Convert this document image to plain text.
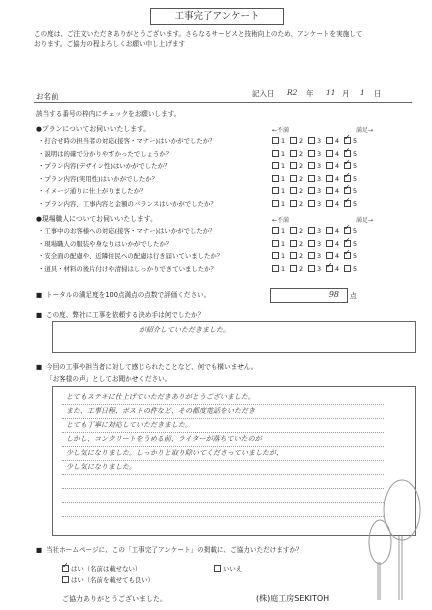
工事完了アンケート
この度は、ご注文いただきありがとうございます。さらなるサービスと技術向上のため、アンケートを実施して
おります。ご協力の程よろしくお願い申し上げます
お名前	記入日 R2 年 11 月 1 日
該当する番号の枠内にチェックをお願いします。
●プランについてお伺いいたします。	←不満	満足→
・打合せ時の担当者の対応(接客・マナー)はいかがでしたか？	1	2	3	4 ✓	5
・説明は的確で分かりやすかったでしょうか？	1	2	3	4 ✓	5
・プラン内容(デザイン性)はいかがでしたか？	1	2	3	4 ✓	5
・プラン内容(実用性)はいかがでしたか？	1	2	3	4 ✓	5
・イメージ通りに仕上がりましたか？	1	2	3	4 ✓	5
・プラン内容、工事内容と金額のバランスはいかがでしたか？	1	2	3	4 ✓	5
●現場職人についてお伺いいたします。	←不満	満足→
・工事中のお客様への対応(接客・マナー)はいかがでしたか？	1	2	3	4 ✓	5
・現場職人の服装や身なりはいかがでしたか？	1	2	3	4 ✓	5
・安全面の配慮や、近隣住民への配慮は行き届いていましたか？	1	2	3	4 ✓	5
・道具・材料の後片付けや清掃はしっかりできていましたか？	1	2	3 ✓	4	5
■ トータルの満足度を100点満点の点数で評価ください。	98 点
■ この度、弊社に工事を依頼する決め手は何でしたか？
が紹介していただきました。
■ 今回の工事や担当者に対して感じられたことなど、何でも構いません。
「お客様の声」としてお聞かせください。
とてもステキに仕上げていただきありがとうございました。
また、工事日程、ポストの件など、その都度電話をいただき
とても丁寧に対応していただきました。
しかし、コンクリートをうめる前、ライターが落ちていたのが
少し気になりました。しっかりと取り除いてくださっていましたが、
少し気になりました。
■ 当社ホームページに、この「工事完了アンケート」の掲載に、ご協力いただけますか？
✓はい（名前は載せない）	いいえ
はい（名前を載せても良い）
ご協力ありがとうございました。	(株)庭工房SEKITOH
